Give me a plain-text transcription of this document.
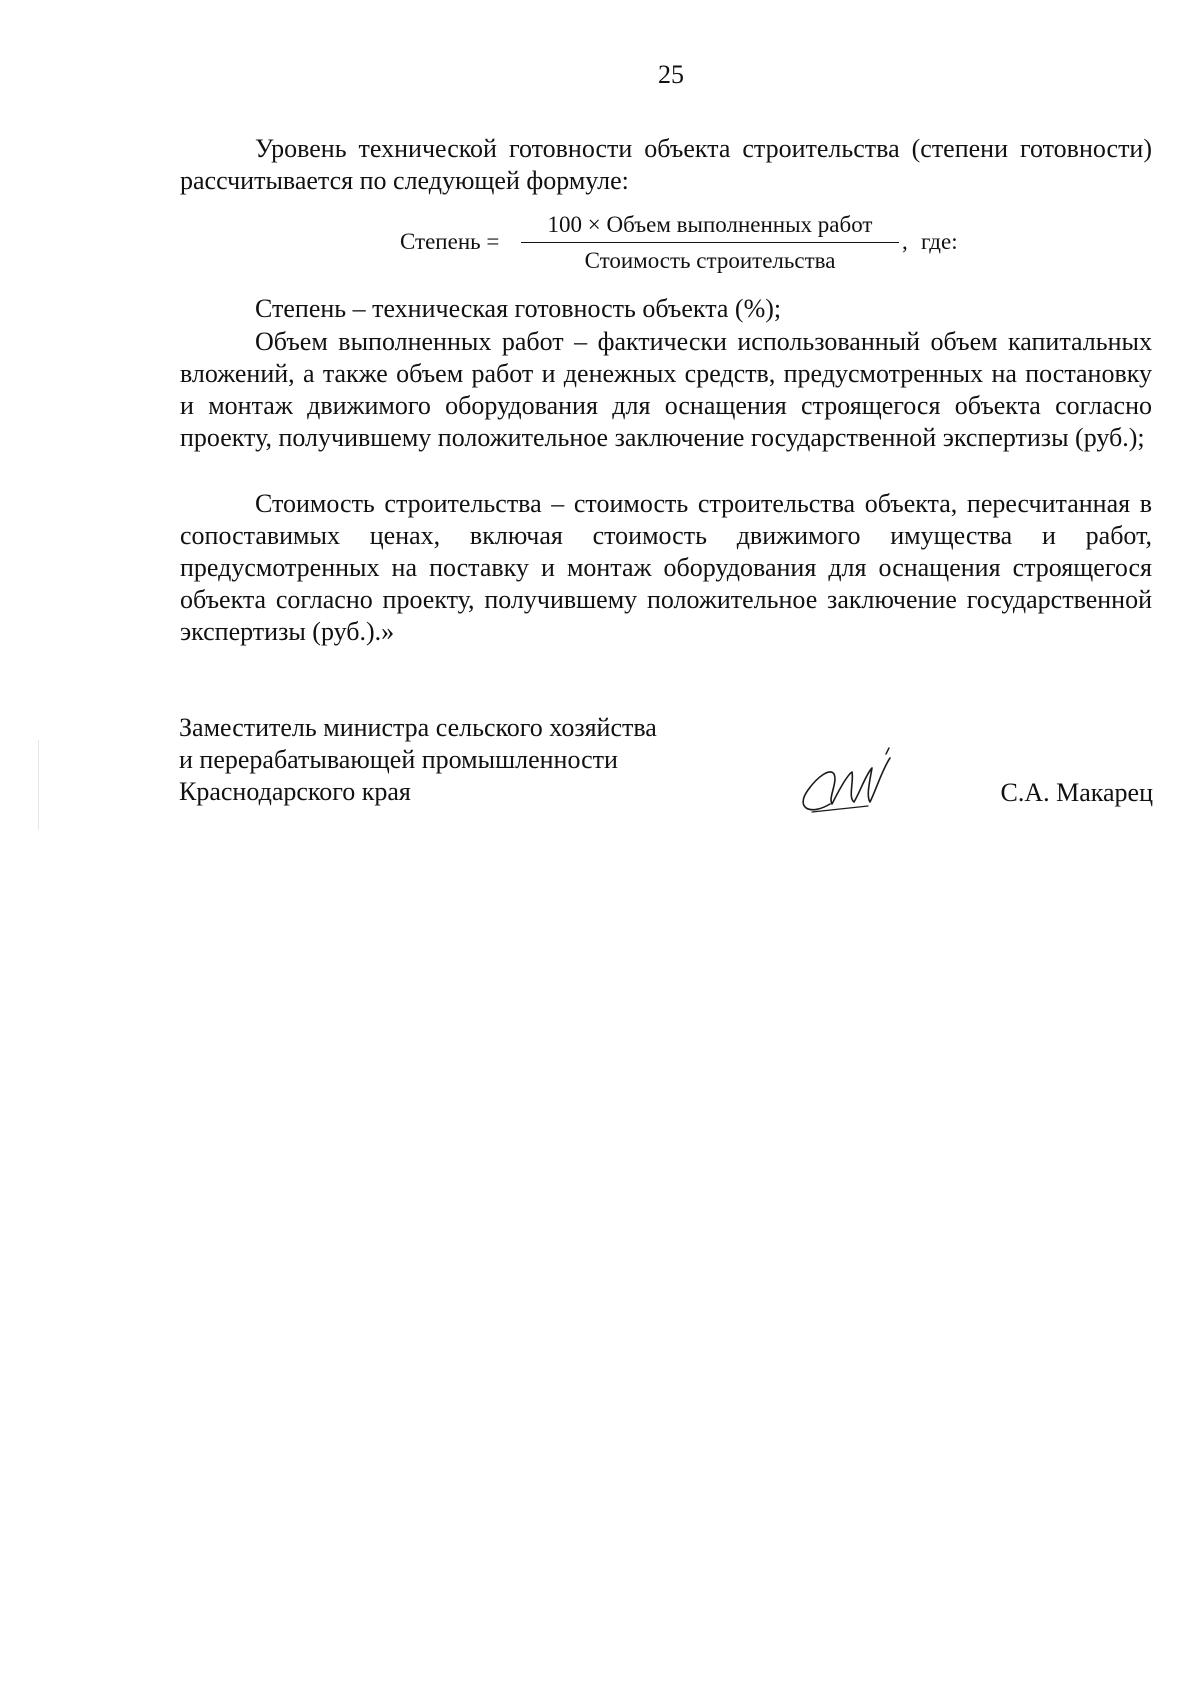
25

Уровень технической готовности объекта строительства (степени готовности) рассчитывается по следующей формуле:

Степень =
100 × Объем выполненных работ
Стоимость строительства
, где:

Степень – техническая готовность объекта (%);

Объем выполненных работ – фактически использованный объем капитальных вложений, а также объем работ и денежных средств, предусмотренных на постановку и монтаж движимого оборудования для оснащения строящегося объекта согласно проекту, получившему положительное заключение государственной экспертизы (руб.);

Стоимость строительства – стоимость строительства объекта, пересчитанная в сопоставимых ценах, включая стоимость движимого имущества и работ, предусмотренных на поставку и монтаж оборудования для оснащения строящегося объекта согласно проекту, получившему положительное заключение государственной экспертизы (руб.).»

Заместитель министра сельского хозяйства
и перерабатывающей промышленности
Краснодарского края	С.А. Макарец
